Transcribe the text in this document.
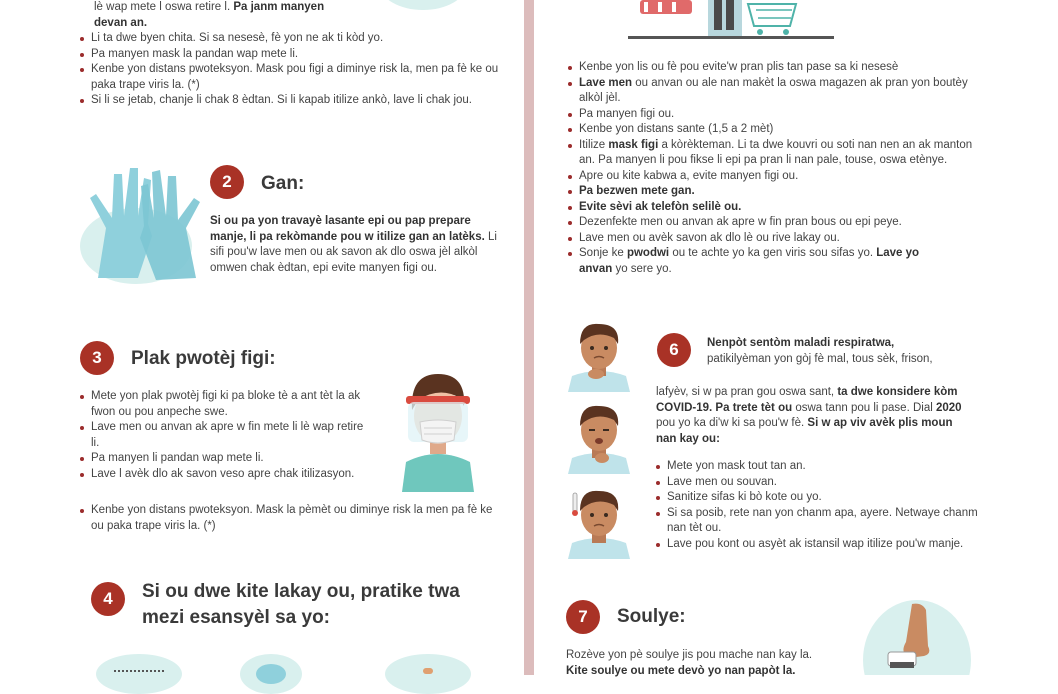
lè wap mete l oswa retire l. Pa janm manyen
devan an.
Li ta dwe byen chita. Si sa nesesè, fè yon ne ak ti kòd yo.
Pa manyen mask la pandan wap mete li.
Kenbe yon distans pwoteksyon. Mask pou figi a diminye risk la, men pa fè ke ou paka trape viris la. (*)
Si li se jetab, chanje li chak 8 èdtan. Si li kapab itilize ankò, lave li chak jou.
2	Gan:
Si ou pa yon travayè lasante epi ou pap prepare manje, li pa rekòmande pou w itilize gan an latèks. Li sifi pou'w lave men ou ak savon ak dlo oswa jèl alkòl omwen chak èdtan, epi evite manyen figi ou.
3	Plak pwotèj figi:
Mete yon plak pwotèj figi ki pa bloke tè a ant tèt la ak fwon ou pou anpeche swe.
Lave men ou anvan ak apre w fin mete li lè wap retire li.
Pa manyen li pandan wap mete li.
Lave l avèk dlo ak savon veso apre chak itilizasyon.
Kenbe yon distans pwoteksyon. Mask la pèmèt ou diminye risk la men pa fè ke ou paka trape viris la. (*)
4	Si ou dwe kite lakay ou, pratike twa
mezi esansyèl sa yo:
Kenbe yon lis ou fè pou evite'w pran plis tan pase sa ki nesesè
Lave men ou anvan ou ale nan makèt la oswa magazen ak pran yon boutèy alkòl jèl.
Pa manyen figi ou.
Kenbe yon distans sante (1,5 a 2 mèt)
Itilize mask figi a kòrèkteman. Li ta dwe kouvri ou soti nan nen an ak manton an. Pa manyen li pou fikse li epi pa pran li nan pale, touse, oswa etènye.
Apre ou kite kabwa a, evite manyen figi ou.
Pa bezwen mete gan.
Evite sèvi ak telefòn selilè ou.
Dezenfekte men ou anvan ak apre w fin pran bous ou epi peye.
Lave men ou avèk savon ak dlo lè ou rive lakay ou.
Sonje ke pwodwi ou te achte yo ka gen viris sou sifas yo. Lave yo
anvan yo sere yo.
6	Nenpòt sentòm maladi respiratwa,
patikilyèman yon gòj fè mal, tous sèk, frison,
lafyèv, si w pa pran gou oswa sant, ta dwe konsidere kòm COVID-19. Pa trete tèt ou oswa tann pou li pase. Dial 2020 pou yo ka di'w ki sa pou'w fè. Si w ap viv avèk plis moun nan kay ou:
Mete yon mask tout tan an.
Lave men ou souvan.
Sanitize sifas ki bò kote ou yo.
Si sa posib, rete nan yon chanm apa, ayere. Netwaye chanm nan tèt ou.
Lave pou kont ou asyèt ak istansil wap itilize pou'w manje.
7	Soulye:
Rozève yon pè soulye jis pou mache nan kay la.
Kite soulye ou mete devò yo nan papòt la.
